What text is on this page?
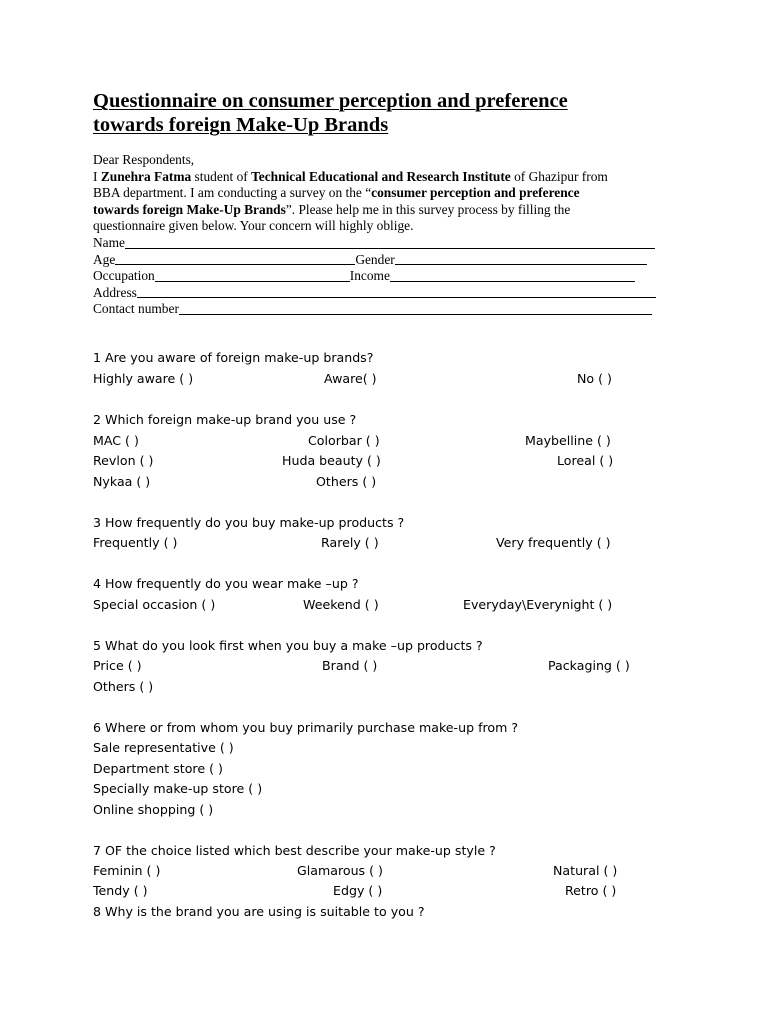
Questionnaire on consumer perception and preference
towards foreign Make-Up Brands

Dear Respondents,

I Zunehra Fatma student of Technical Educational and Research Institute of Ghazipur from

BBA department. I am conducting a survey on the “consumer perception and preference

towards foreign Make-Up Brands”. Please help me in this survey process by filling the

questionnaire given below. Your concern will highly oblige.

Name
Age	Gender
Occupation	Income
Address
Contact number
1 Are you aware of foreign make-up brands?
Highly aware ( )	Aware( )	No ( )
2 Which foreign make-up brand you use ?
MAC ( )	Colorbar ( )	Maybelline ( )
Revlon ( )	Huda beauty ( )	Loreal ( )
Nykaa ( )	Others ( )
3 How frequently do you buy make-up products ?
Frequently ( )	Rarely ( )	Very frequently ( )
4 How frequently do you wear make –up ?
Special occasion ( )	Weekend ( )	Everyday\Everynight ( )
5 What do you look first when you buy a make –up products ?
Price ( )	Brand ( )	Packaging ( )
Others ( )
6 Where or from whom you buy primarily purchase make-up from ?
Sale representative ( )
Department store ( )
Specially make-up store ( )
Online shopping ( )
7 OF the choice listed which best describe your make-up style ?
Feminin ( )	Glamarous ( )	Natural ( )
Tendy ( )	Edgy ( )	Retro ( )
8 Why is the brand you are using is suitable to you ?
